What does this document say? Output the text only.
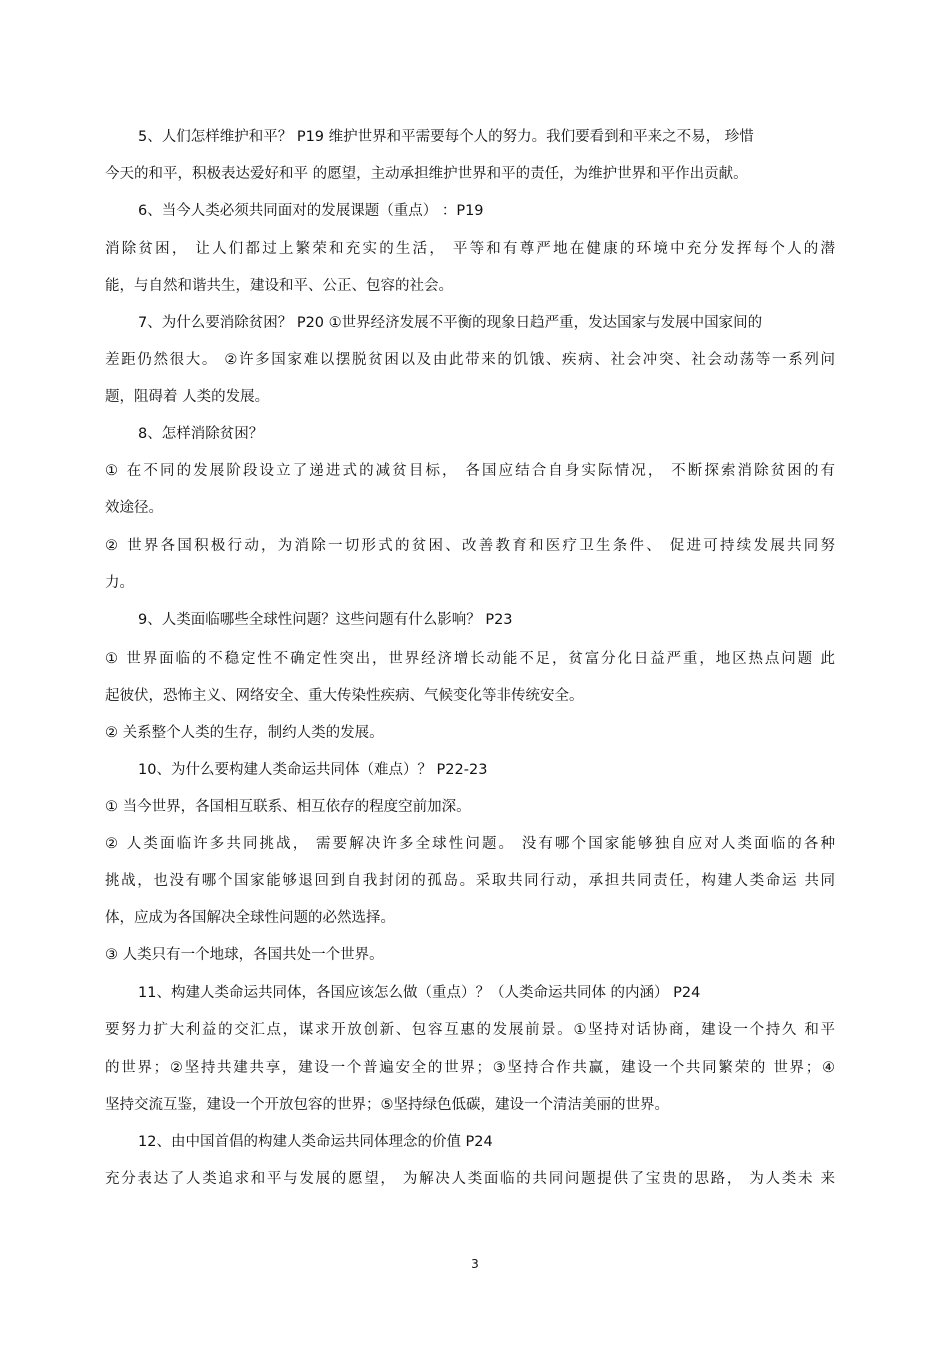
5、人们怎样维护和平？ P19 维护世界和平需要每个人的努力。我们要看到和平来之不易， 珍惜
今天的和平，积极表达爱好和平 的愿望，主动承担维护世界和平的责任，为维护世界和平作出贡献。
6、当今人类必须共同面对的发展课题（重点） ：P19
消除贫困， 让人们都过上繁荣和充实的生活， 平等和有尊严地在健康的环境中充分发挥每个人的潜
能，与自然和谐共生，建设和平、公正、包容的社会。
7、为什么要消除贫困？ P20 ①世界经济发展不平衡的现象日趋严重，发达国家与发展中国家间的
差距仍然很大。 ②许多国家难以摆脱贫困以及由此带来的饥饿、疾病、社会冲突、社会动荡等一系列问
题，阻碍着 人类的发展。
8、怎样消除贫困？
① 在不同的发展阶段设立了递进式的减贫目标， 各国应结合自身实际情况， 不断探索消除贫困的有
效途径。
② 世界各国积极行动，为消除一切形式的贫困、改善教育和医疗卫生条件、 促进可持续发展共同努
力。
9、人类面临哪些全球性问题？这些问题有什么影响？ P23
① 世界面临的不稳定性不确定性突出，世界经济增长动能不足，贫富分化日益严重，地区热点问题 此
起彼伏，恐怖主义、网络安全、重大传染性疾病、气候变化等非传统安全。
② 关系整个人类的生存，制约人类的发展。
10、为什么要构建人类命运共同体（难点）？ P22-23
① 当今世界，各国相互联系、相互依存的程度空前加深。
② 人类面临许多共同挑战， 需要解决许多全球性问题。 没有哪个国家能够独自应对人类面临的各种
挑战，也没有哪个国家能够退回到自我封闭的孤岛。采取共同行动，承担共同责任，构建人类命运 共同
体，应成为各国解决全球性问题的必然选择。
③ 人类只有一个地球，各国共处一个世界。
11、构建人类命运共同体，各国应该怎么做（重点）？（人类命运共同体 的内涵） P24
要努力扩大利益的交汇点，谋求开放创新、包容互惠的发展前景。①坚持对话协商，建设一个持久 和平
的世界；②坚持共建共享，建设一个普遍安全的世界；③坚持合作共赢，建设一个共同繁荣的 世界；④
坚持交流互鉴，建设一个开放包容的世界；⑤坚持绿色低碳，建设一个清洁美丽的世界。
12、由中国首倡的构建人类命运共同体理念的价值 P24
充分表达了人类追求和平与发展的愿望， 为解决人类面临的共同问题提供了宝贵的思路， 为人类未 来
3
